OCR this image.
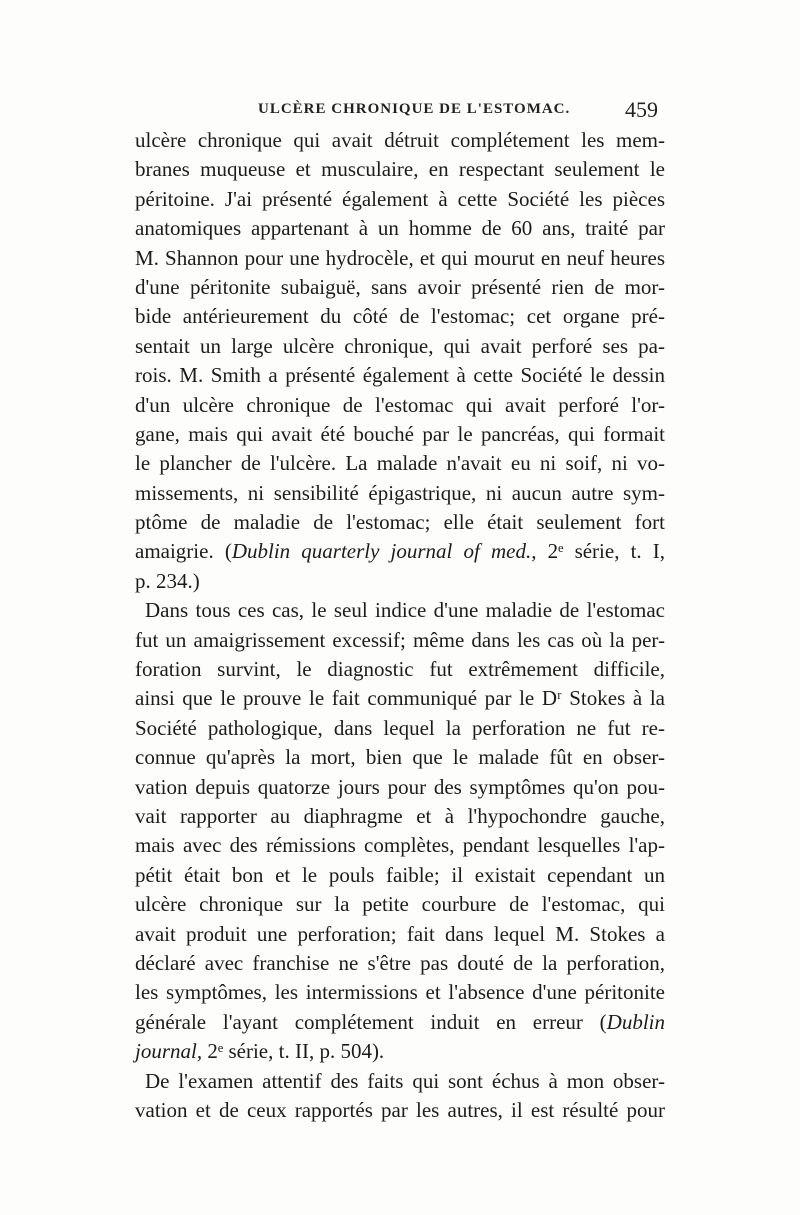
ULCÈRE CHRONIQUE DE L'ESTOMAC. 459
ulcère chronique qui avait détruit complétement les mem-
branes muqueuse et musculaire, en respectant seulement le
péritoine. J'ai présenté également à cette Société les pièces
anatomiques appartenant à un homme de 60 ans, traité par
M. Shannon pour une hydrocèle, et qui mourut en neuf heures
d'une péritonite subaiguë, sans avoir présenté rien de mor-
bide antérieurement du côté de l'estomac; cet organe pré-
sentait un large ulcère chronique, qui avait perforé ses pa-
rois. M. Smith a présenté également à cette Société le dessin
d'un ulcère chronique de l'estomac qui avait perforé l'or-
gane, mais qui avait été bouché par le pancréas, qui formait
le plancher de l'ulcère. La malade n'avait eu ni soif, ni vo-
missements, ni sensibilité épigastrique, ni aucun autre sym-
ptôme de maladie de l'estomac; elle était seulement fort
amaigrie. (Dublin quarterly journal of med., 2ᵉ série, t. I,
p. 234.)
Dans tous ces cas, le seul indice d'une maladie de l'estomac
fut un amaigrissement excessif; même dans les cas où la per-
foration survint, le diagnostic fut extrêmement difficile,
ainsi que le prouve le fait communiqué par le Dʳ Stokes à la
Société pathologique, dans lequel la perforation ne fut re-
connue qu'après la mort, bien que le malade fût en obser-
vation depuis quatorze jours pour des symptômes qu'on pou-
vait rapporter au diaphragme et à l'hypochondre gauche,
mais avec des rémissions complètes, pendant lesquelles l'ap-
pétit était bon et le pouls faible; il existait cependant un
ulcère chronique sur la petite courbure de l'estomac, qui
avait produit une perforation; fait dans lequel M. Stokes a
déclaré avec franchise ne s'être pas douté de la perforation,
les symptômes, les intermissions et l'absence d'une péritonite
générale l'ayant complétement induit en erreur (Dublin
journal, 2ᵉ série, t. II, p. 504).
De l'examen attentif des faits qui sont échus à mon obser-
vation et de ceux rapportés par les autres, il est résulté pour
